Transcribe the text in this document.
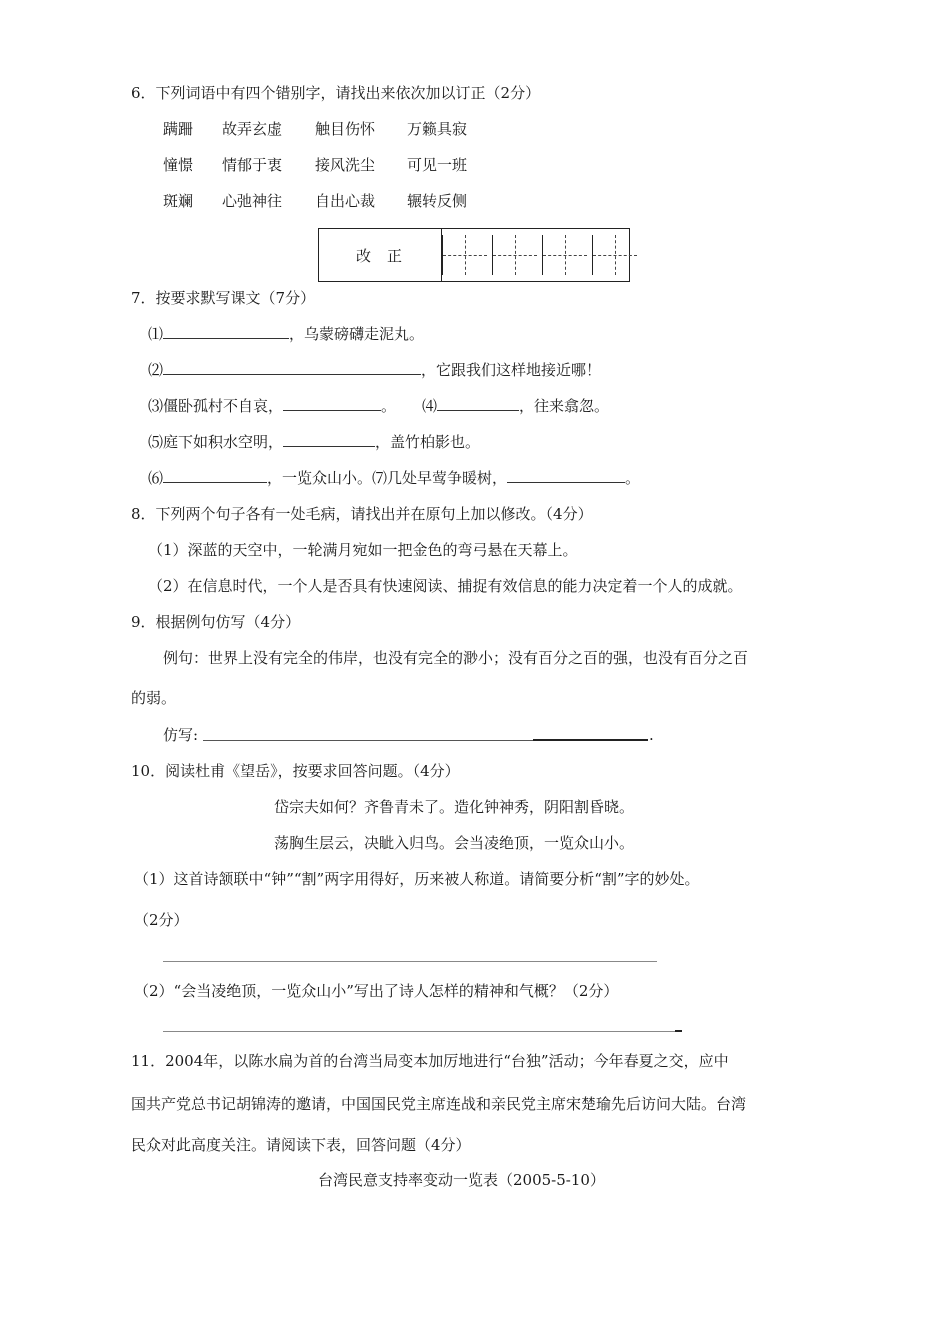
6．下列词语中有四个错别字，请找出来依次加以订正（2分）
蹒跚 故弄玄虚 触目伤怀 万籁具寂
憧憬 情郁于衷 接风洗尘 可见一班
斑斓 心弛神往 自出心裁 辗转反侧
改正	
7．按要求默写课文（7分）
⑴	，乌蒙磅礴走泥丸。
⑵	，它跟我们这样地接近哪！
⑶僵卧孤村不自哀，	。 ⑷	，往来翕忽。
⑸庭下如积水空明，	，盖竹柏影也。
⑹	，一览众山小。⑺几处早莺争暖树，	。
8．下列两个句子各有一处毛病，请找出并在原句上加以修改。（4分）
（1）深蓝的天空中，一轮满月宛如一把金色的弯弓悬在天幕上。
（2）在信息时代，一个人是否具有快速阅读、捕捉有效信息的能力决定着一个人的成就。
9．根据例句仿写（4分）
例句：世界上没有完全的伟岸，也没有完全的渺小；没有百分之百的强，也没有百分之百
的弱。
仿写:	.
10．阅读杜甫《望岳》，按要求回答问题。（4分）
岱宗夫如何？齐鲁青未了。造化钟神秀，阴阳割昏晓。
荡胸生层云，决眦入归鸟。会当凌绝顶，一览众山小。
（1）这首诗颔联中“钟”“割”两字用得好，历来被人称道。请简要分析“割”字的妙处。
（2分）
（2）“会当凌绝顶，一览众山小”写出了诗人怎样的精神和气概？（2分）
11．2004年，以陈水扁为首的台湾当局变本加厉地进行“台独”活动；今年春夏之交，应中
国共产党总书记胡锦涛的邀请，中国国民党主席连战和亲民党主席宋楚瑜先后访问大陆。台湾
民众对此高度关注。请阅读下表，回答问题（4分）
台湾民意支持率变动一览表（2005-5-10）
